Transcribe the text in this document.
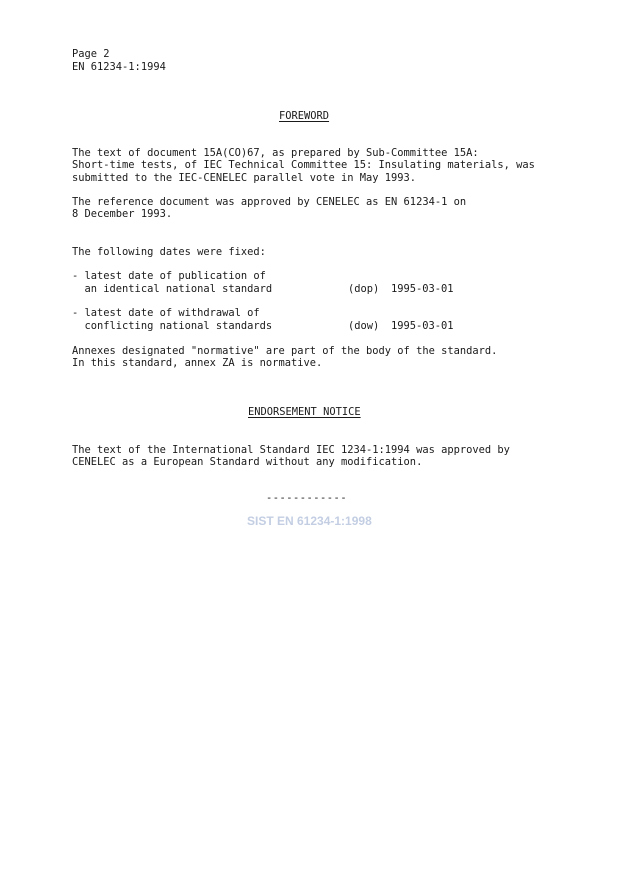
Page 2
EN 61234-1:1994
FOREWORD
The text of document 15A(CO)67, as prepared by Sub-Committee 15A:
Short-time tests, of IEC Technical Committee 15: Insulating materials, was
submitted to the IEC-CENELEC parallel vote in May 1993.
The reference document was approved by CENELEC as EN 61234-1 on
8 December 1993.
The following dates were fixed:
- latest date of publication of
an identical national standard	(dop) 1995-03-01
- latest date of withdrawal of
conflicting national standards	(dow) 1995-03-01
Annexes designated "normative" are part of the body of the standard.
In this standard, annex ZA is normative.
ENDORSEMENT NOTICE
The text of the International Standard IEC 1234-1:1994 was approved by
CENELEC as a European Standard without any modification.
------------
SIST EN 61234-1:1998
